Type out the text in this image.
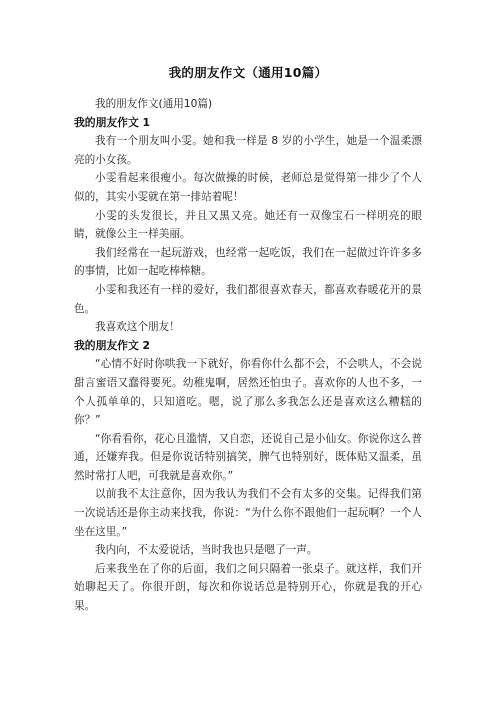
我的朋友作文（通用10篇）

我的朋友作文(通用10篇)

我的朋友作文 1

我有一个朋友叫小雯。她和我一样是 8 岁的小学生，她是一个温柔漂亮的小女孩。

小雯看起来很瘦小。每次做操的时候，老师总是觉得第一排少了个人似的，其实小雯就在第一排站着呢！

小雯的头发很长，并且又黑又亮。她还有一双像宝石一样明亮的眼睛，就像公主一样美丽。

我们经常在一起玩游戏，也经常一起吃饭，我们在一起做过许许多多的事情，比如一起吃棒棒糖。

小雯和我还有一样的爱好，我们都很喜欢春天，都喜欢春暖花开的景色。

我喜欢这个朋友！

我的朋友作文 2

“心情不好时你哄我一下就好，你看你什么都不会，不会哄人，不会说甜言蜜语又蠢得要死。幼稚鬼啊，居然还怕虫子。喜欢你的人也不多，一个人孤单单的，只知道吃。嗯，说了那么多我怎么还是喜欢这么糟糕的你？”

“你看看你，花心且滥情，又自恋，还说自己是小仙女。你说你这么普通，还嫌弃我。但是你说话特别搞笑，脾气也特别好，既体贴又温柔，虽然时常打人吧，可我就是喜欢你。”

以前我不太注意你，因为我认为我们不会有太多的交集。记得我们第一次说话还是你主动来找我，你说：“为什么你不跟他们一起玩啊？一个人坐在这里。”

我内向，不太爱说话，当时我也只是嗯了一声。

后来我坐在了你的后面，我们之间只隔着一张桌子。就这样，我们开始聊起天了。你很开朗，每次和你说话总是特别开心，你就是我的开心果。
